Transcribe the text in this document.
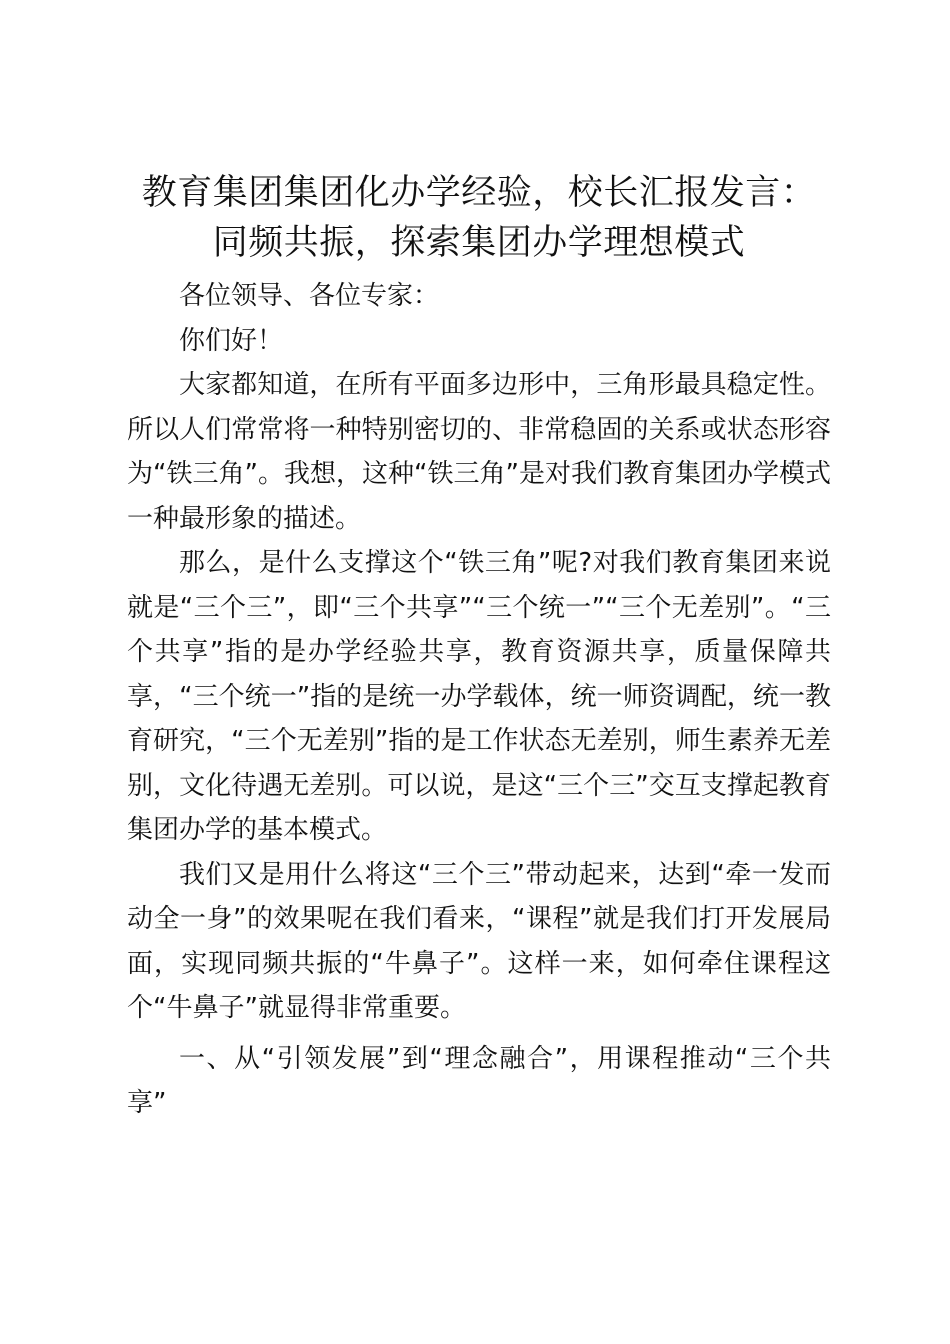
教育集团集团化办学经验，校长汇报发言：同频共振，探索集团办学理想模式

各位领导、各位专家：

你们好！

大家都知道，在所有平面多边形中，三角形最具稳定性。所以人们常常将一种特别密切的、非常稳固的关系或状态形容为“铁三角”。我想，这种“铁三角”是对我们教育集团办学模式一种最形象的描述。

那么，是什么支撑这个“铁三角”呢?对我们教育集团来说就是“三个三”，即“三个共享”“三个统一”“三个无差别”。“三个共享”指的是办学经验共享，教育资源共享，质量保障共享，“三个统一”指的是统一办学载体，统一师资调配，统一教育研究，“三个无差别”指的是工作状态无差别，师生素养无差别，文化待遇无差别。可以说，是这“三个三”交互支撑起教育集团办学的基本模式。

我们又是用什么将这“三个三”带动起来，达到“牵一发而动全一身”的效果呢在我们看来，“课程”就是我们打开发展局面，实现同频共振的“牛鼻子”。这样一来，如何牵住课程这个“牛鼻子”就显得非常重要。

一、从“引领发展”到“理念融合”，用课程推动“三个共享”
